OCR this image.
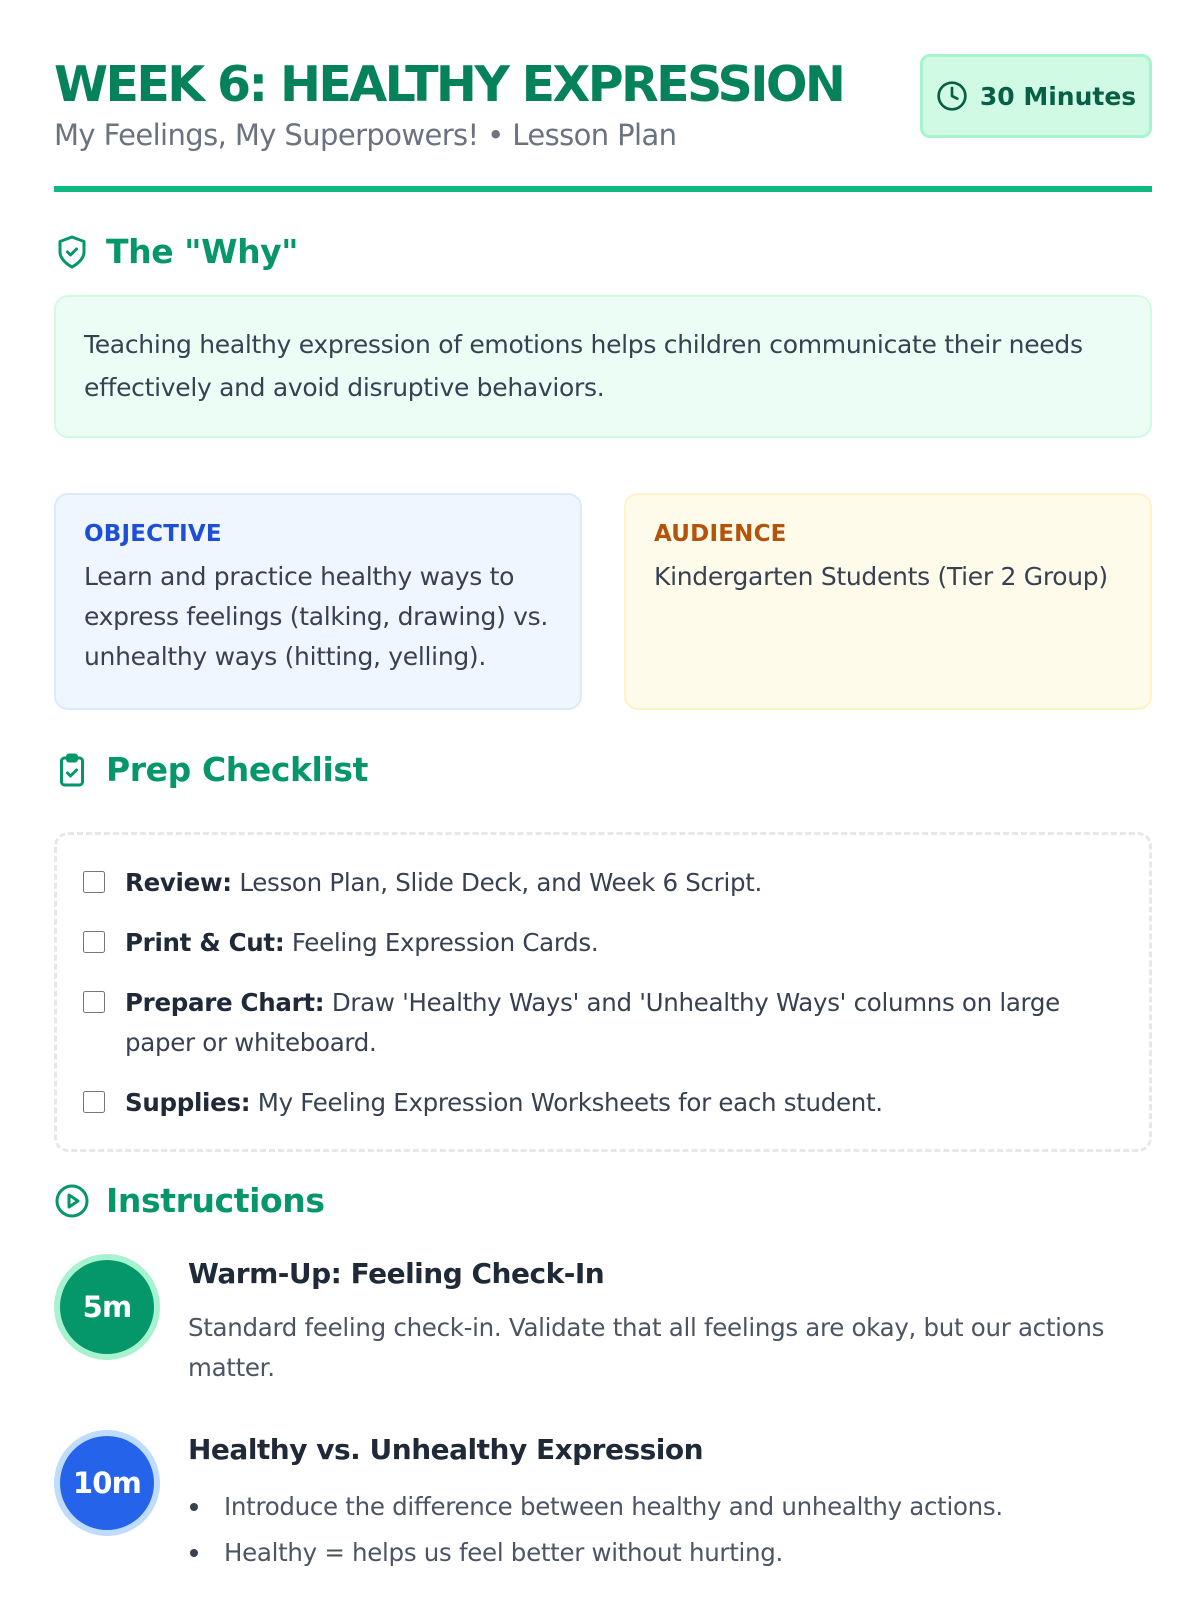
WEEK 6: HEALTHY EXPRESSION
My Feelings, My Superpowers! • Lesson Plan
30 Minutes
The "Why"
Teaching healthy expression of emotions helps children communicate their needs effectively and avoid disruptive behaviors.
OBJECTIVE
Learn and practice healthy ways to express feelings (talking, drawing) vs. unhealthy ways (hitting, yelling).
AUDIENCE
Kindergarten Students (Tier 2 Group)
Prep Checklist
Review: Lesson Plan, Slide Deck, and Week 6 Script.
Print & Cut: Feeling Expression Cards.
Prepare Chart: Draw 'Healthy Ways' and 'Unhealthy Ways' columns on large paper or whiteboard.
Supplies: My Feeling Expression Worksheets for each student.
Instructions
5m
Warm-Up: Feeling Check-In
Standard feeling check-in. Validate that all feelings are okay, but our actions matter.
10m
Healthy vs. Unhealthy Expression
Introduce the difference between healthy and unhealthy actions.
Healthy = helps us feel better without hurting.
